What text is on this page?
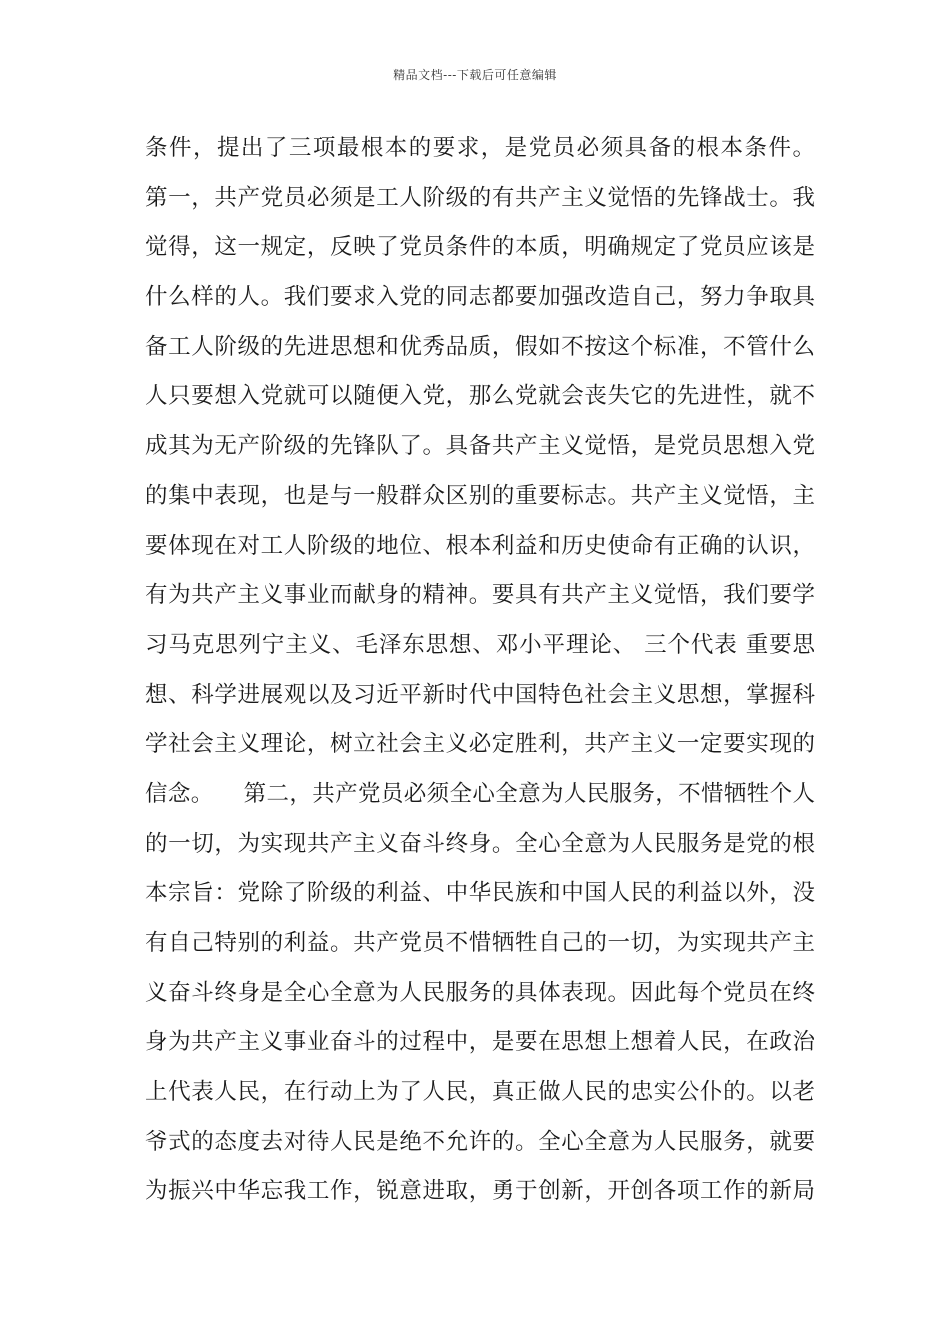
精品文档---下载后可任意编辑
条件，提出了三项最根本的要求，是党员必须具备的根本条件。
第一，共产党员必须是工人阶级的有共产主义觉悟的先锋战士。我
觉得，这一规定，反映了党员条件的本质，明确规定了党员应该是
什么样的人。我们要求入党的同志都要加强改造自己，努力争取具
备工人阶级的先进思想和优秀品质，假如不按这个标准，不管什么
人只要想入党就可以随便入党，那么党就会丧失它的先进性，就不
成其为无产阶级的先锋队了。具备共产主义觉悟，是党员思想入党
的集中表现，也是与一般群众区别的重要标志。共产主义觉悟，主
要体现在对工人阶级的地位、根本利益和历史使命有正确的认识，
有为共产主义事业而献身的精神。要具有共产主义觉悟，我们要学
习马克思列宁主义、毛泽东思想、邓小平理论、 三个代表 重要思
想、科学进展观以及习近平新时代中国特色社会主义思想，掌握科
学社会主义理论，树立社会主义必定胜利，共产主义一定要实现的
信念。    第二，共产党员必须全心全意为人民服务，不惜牺牲个人
的一切，为实现共产主义奋斗终身。全心全意为人民服务是党的根
本宗旨：党除了阶级的利益、中华民族和中国人民的利益以外，没
有自己特别的利益。共产党员不惜牺牲自己的一切，为实现共产主
义奋斗终身是全心全意为人民服务的具体表现。因此每个党员在终
身为共产主义事业奋斗的过程中，是要在思想上想着人民，在政治
上代表人民，在行动上为了人民，真正做人民的忠实公仆的。以老
爷式的态度去对待人民是绝不允许的。全心全意为人民服务，就要
为振兴中华忘我工作，锐意进取，勇于创新，开创各项工作的新局
